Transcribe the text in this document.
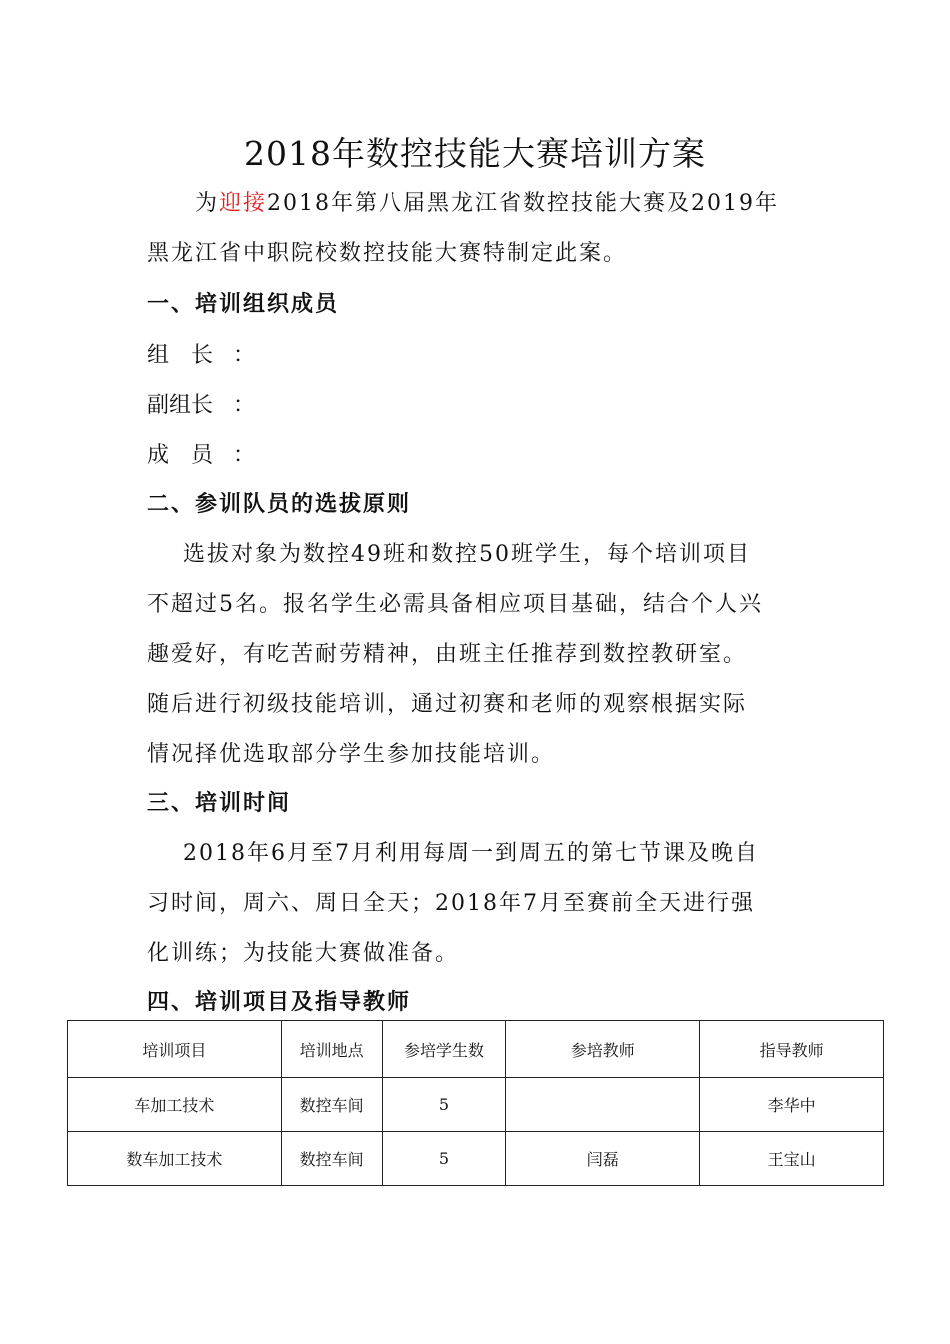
2018年数控技能大赛培训方案
为迎接2018年第八届黑龙江省数控技能大赛及2019年
黑龙江省中职院校数控技能大赛特制定此案。
一、培训组织成员
组　长 ：
副组长 ：
成　员 ：
二、参训队员的选拔原则
选拔对象为数控49班和数控50班学生，每个培训项目
不超过5名。报名学生必需具备相应项目基础，结合个人兴
趣爱好，有吃苦耐劳精神，由班主任推荐到数控教研室。
随后进行初级技能培训，通过初赛和老师的观察根据实际
情况择优选取部分学生参加技能培训。
三、培训时间
2018年6月至7月利用每周一到周五的第七节课及晚自
习时间，周六、周日全天；2018年7月至赛前全天进行强
化训练；为技能大赛做准备。
四、培训项目及指导教师
培训项目	培训地点	参培学生数	参培教师	指导教师
车加工技术	数控车间	5		李华中
数车加工技术	数控车间	5	闫磊	王宝山
